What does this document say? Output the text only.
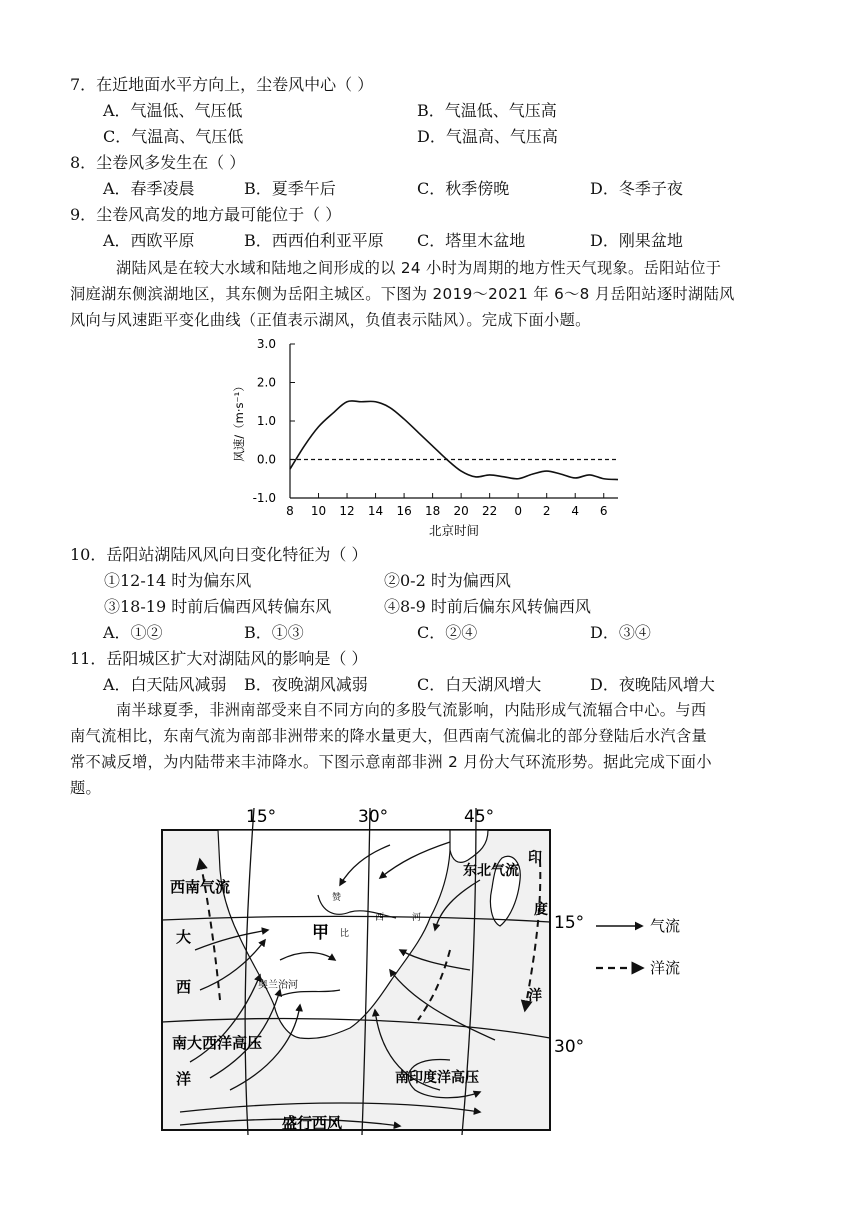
7．在近地面水平方向上，尘卷风中心（ ）
A．气温低、气压低	B．气温低、气压高
C．气温高、气压低	D．气温高、气压高
8．尘卷风多发生在（ ）
A．春季凌晨	B．夏季午后	C．秋季傍晚	D．冬季子夜
9．尘卷风高发的地方最可能位于（ ）
A．西欧平原	B．西西伯利亚平原 C．塔里木盆地	D．刚果盆地
湖陆风是在较大水域和陆地之间形成的以 24 小时为周期的地方性天气现象。岳阳站位于
洞庭湖东侧滨湖地区，其东侧为岳阳主城区。下图为 2019～2021 年 6～8 月岳阳站逐时湖陆风
风向与风速距平变化曲线（正值表示湖风，负值表示陆风）。完成下面小题。
3.0
2.0
1.0
0.0
-1.0
8 10 12 14 16 18 20 22 0 2 4 6
风速/（m·s⁻¹）
北京时间
10．岳阳站湖陆风风向日变化特征为（ ）
①12-14 时为偏东风	②0-2 时为偏西风
③18-19 时前后偏西风转偏东风	④8-9 时前后偏东风转偏西风
A．①②	B．①③	C．②④	D．③④
11．岳阳城区扩大对湖陆风的影响是（ ）
A．白天陆风减弱 B．夜晚湖风减弱	C．白天湖风增大	D．夜晚陆风增大
南半球夏季，非洲南部受来自不同方向的多股气流影响，内陆形成气流辐合中心。与西
南气流相比，东南气流为南部非洲带来的降水量更大，但西南气流偏北的部分登陆后水汽含量
常不减反增，为内陆带来丰沛降水。下图示意南部非洲 2 月份大气环流形势。据此完成下面小
题。
15°	30°	45°
15°
30°
西南气流
东北气流
大
西
洋
印
度
洋
甲
赞
比
西	河
奥兰治河
南大西洋高压
南印度洋高压
盛行西风
气流
洋流
